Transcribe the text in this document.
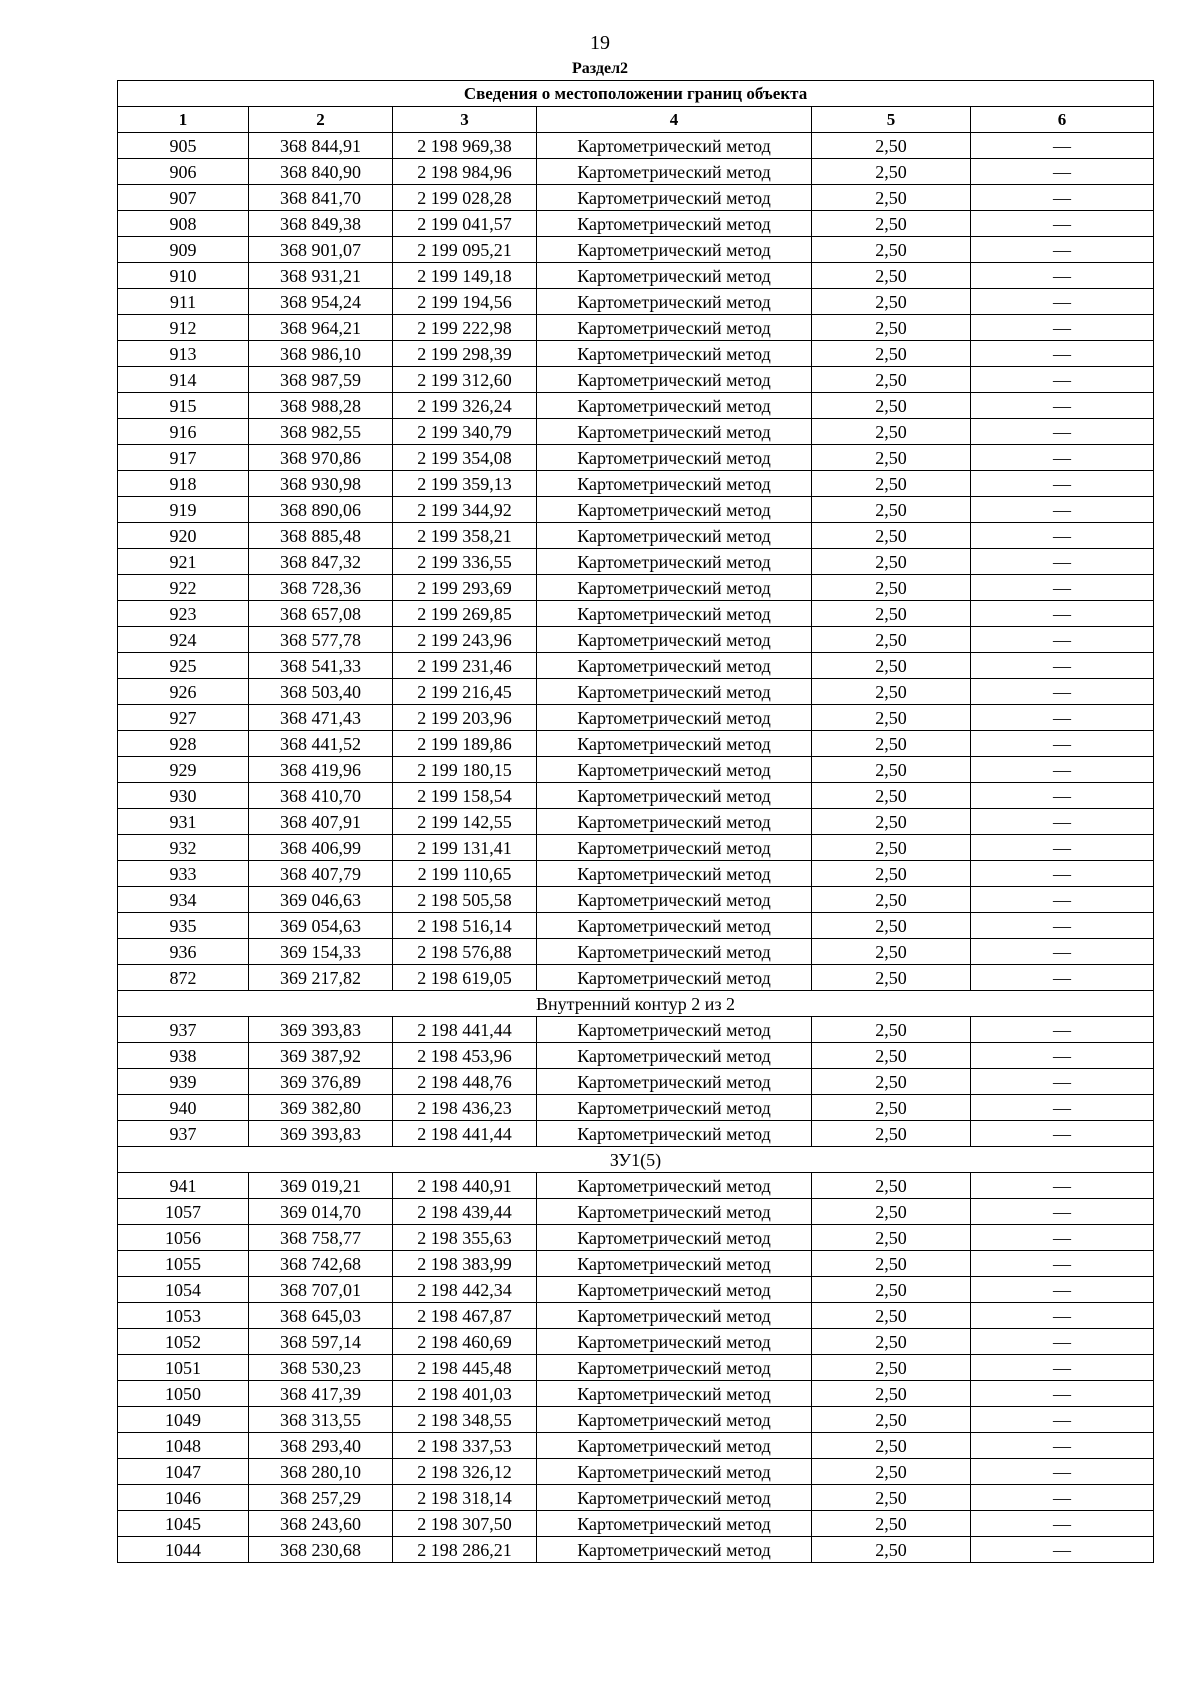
19
Раздел2
Сведения о местоположении границ объекта					
1	2	3	4	5	6
905	368 844,91	2 198 969,38	Картометрический метод	2,50	—
906	368 840,90	2 198 984,96	Картометрический метод	2,50	—
907	368 841,70	2 199 028,28	Картометрический метод	2,50	—
908	368 849,38	2 199 041,57	Картометрический метод	2,50	—
909	368 901,07	2 199 095,21	Картометрический метод	2,50	—
910	368 931,21	2 199 149,18	Картометрический метод	2,50	—
911	368 954,24	2 199 194,56	Картометрический метод	2,50	—
912	368 964,21	2 199 222,98	Картометрический метод	2,50	—
913	368 986,10	2 199 298,39	Картометрический метод	2,50	—
914	368 987,59	2 199 312,60	Картометрический метод	2,50	—
915	368 988,28	2 199 326,24	Картометрический метод	2,50	—
916	368 982,55	2 199 340,79	Картометрический метод	2,50	—
917	368 970,86	2 199 354,08	Картометрический метод	2,50	—
918	368 930,98	2 199 359,13	Картометрический метод	2,50	—
919	368 890,06	2 199 344,92	Картометрический метод	2,50	—
920	368 885,48	2 199 358,21	Картометрический метод	2,50	—
921	368 847,32	2 199 336,55	Картометрический метод	2,50	—
922	368 728,36	2 199 293,69	Картометрический метод	2,50	—
923	368 657,08	2 199 269,85	Картометрический метод	2,50	—
924	368 577,78	2 199 243,96	Картометрический метод	2,50	—
925	368 541,33	2 199 231,46	Картометрический метод	2,50	—
926	368 503,40	2 199 216,45	Картометрический метод	2,50	—
927	368 471,43	2 199 203,96	Картометрический метод	2,50	—
928	368 441,52	2 199 189,86	Картометрический метод	2,50	—
929	368 419,96	2 199 180,15	Картометрический метод	2,50	—
930	368 410,70	2 199 158,54	Картометрический метод	2,50	—
931	368 407,91	2 199 142,55	Картометрический метод	2,50	—
932	368 406,99	2 199 131,41	Картометрический метод	2,50	—
933	368 407,79	2 199 110,65	Картометрический метод	2,50	—
934	369 046,63	2 198 505,58	Картометрический метод	2,50	—
935	369 054,63	2 198 516,14	Картометрический метод	2,50	—
936	369 154,33	2 198 576,88	Картометрический метод	2,50	—
872	369 217,82	2 198 619,05	Картометрический метод	2,50	—
Внутренний контур 2 из 2					
937	369 393,83	2 198 441,44	Картометрический метод	2,50	—
938	369 387,92	2 198 453,96	Картометрический метод	2,50	—
939	369 376,89	2 198 448,76	Картометрический метод	2,50	—
940	369 382,80	2 198 436,23	Картометрический метод	2,50	—
937	369 393,83	2 198 441,44	Картометрический метод	2,50	—
ЗУ1(5)					
941	369 019,21	2 198 440,91	Картометрический метод	2,50	—
1057	369 014,70	2 198 439,44	Картометрический метод	2,50	—
1056	368 758,77	2 198 355,63	Картометрический метод	2,50	—
1055	368 742,68	2 198 383,99	Картометрический метод	2,50	—
1054	368 707,01	2 198 442,34	Картометрический метод	2,50	—
1053	368 645,03	2 198 467,87	Картометрический метод	2,50	—
1052	368 597,14	2 198 460,69	Картометрический метод	2,50	—
1051	368 530,23	2 198 445,48	Картометрический метод	2,50	—
1050	368 417,39	2 198 401,03	Картометрический метод	2,50	—
1049	368 313,55	2 198 348,55	Картометрический метод	2,50	—
1048	368 293,40	2 198 337,53	Картометрический метод	2,50	—
1047	368 280,10	2 198 326,12	Картометрический метод	2,50	—
1046	368 257,29	2 198 318,14	Картометрический метод	2,50	—
1045	368 243,60	2 198 307,50	Картометрический метод	2,50	—
1044	368 230,68	2 198 286,21	Картометрический метод	2,50	—
